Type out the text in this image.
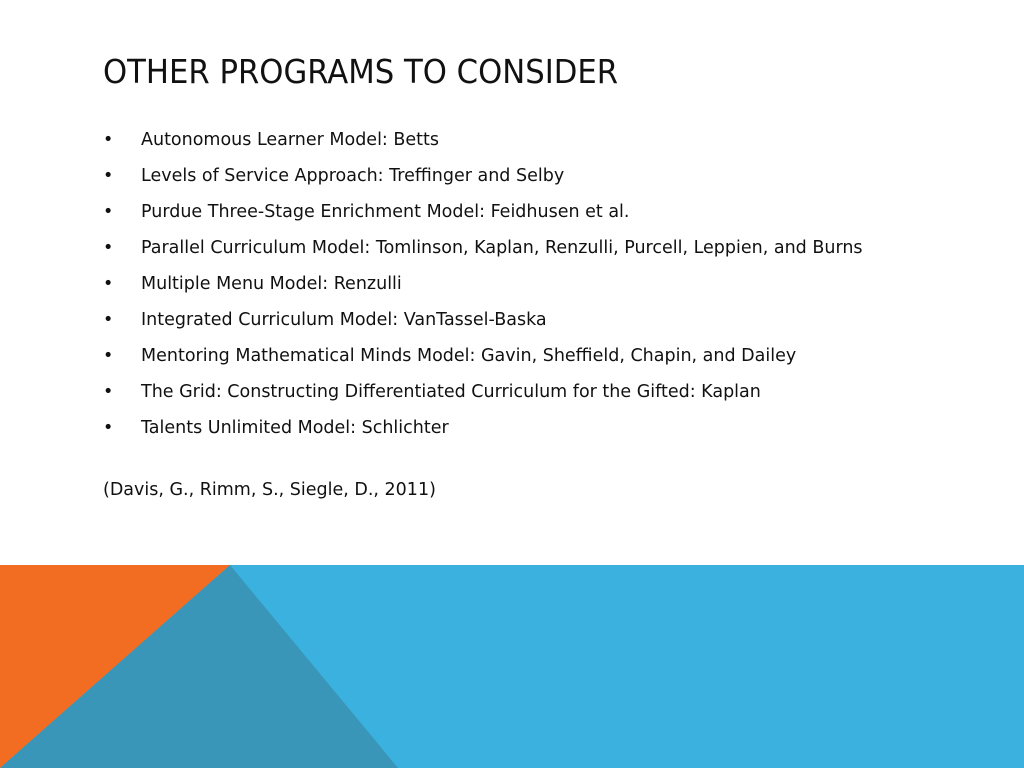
OTHER PROGRAMS TO CONSIDER
•	Autonomous Learner Model: Betts
•	Levels of Service Approach: Treffinger and Selby
•	Purdue Three-Stage Enrichment Model: Feidhusen et al.
•	Parallel Curriculum Model: Tomlinson, Kaplan, Renzulli, Purcell, Leppien, and Burns
•	Multiple Menu Model: Renzulli
•	Integrated Curriculum Model: VanTassel-Baska
•	Mentoring Mathematical Minds Model: Gavin, Sheffield, Chapin, and Dailey
•	The Grid: Constructing Differentiated Curriculum for the Gifted: Kaplan
•	Talents Unlimited Model: Schlichter

(Davis, G., Rimm, S., Siegle, D., 2011)
